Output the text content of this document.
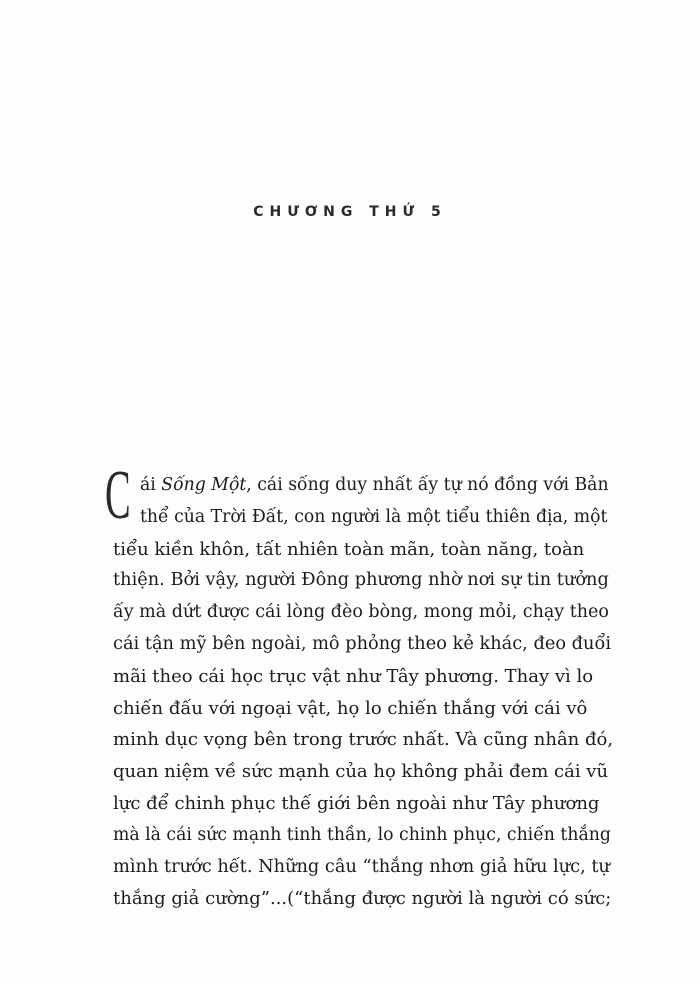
CHƯƠNG THỨ 5
C ái Sống Một, cái sống duy nhất ấy tự nó đồng với Bản
thể của Trời Đất, con người là một tiểu thiên địa, một
tiểu kiền khôn, tất nhiên toàn mãn, toàn năng, toàn
thiện. Bởi vậy, người Đông phương nhờ nơi sự tin tưởng
ấy mà dứt được cái lòng đèo bòng, mong mỏi, chạy theo
cái tận mỹ bên ngoài, mô phỏng theo kẻ khác, đeo đuổi
mãi theo cái học trục vật như Tây phương. Thay vì lo
chiến đấu với ngoại vật, họ lo chiến thắng với cái vô
minh dục vọng bên trong trước nhất. Và cũng nhân đó,
quan niệm về sức mạnh của họ không phải đem cái vũ
lực để chinh phục thế giới bên ngoài như Tây phương
mà là cái sức mạnh tinh thần, lo chinh phục, chiến thắng
mình trước hết. Những câu “thắng nhơn giả hữu lực, tự
thắng giả cường”...(“thắng được người là người có sức;
